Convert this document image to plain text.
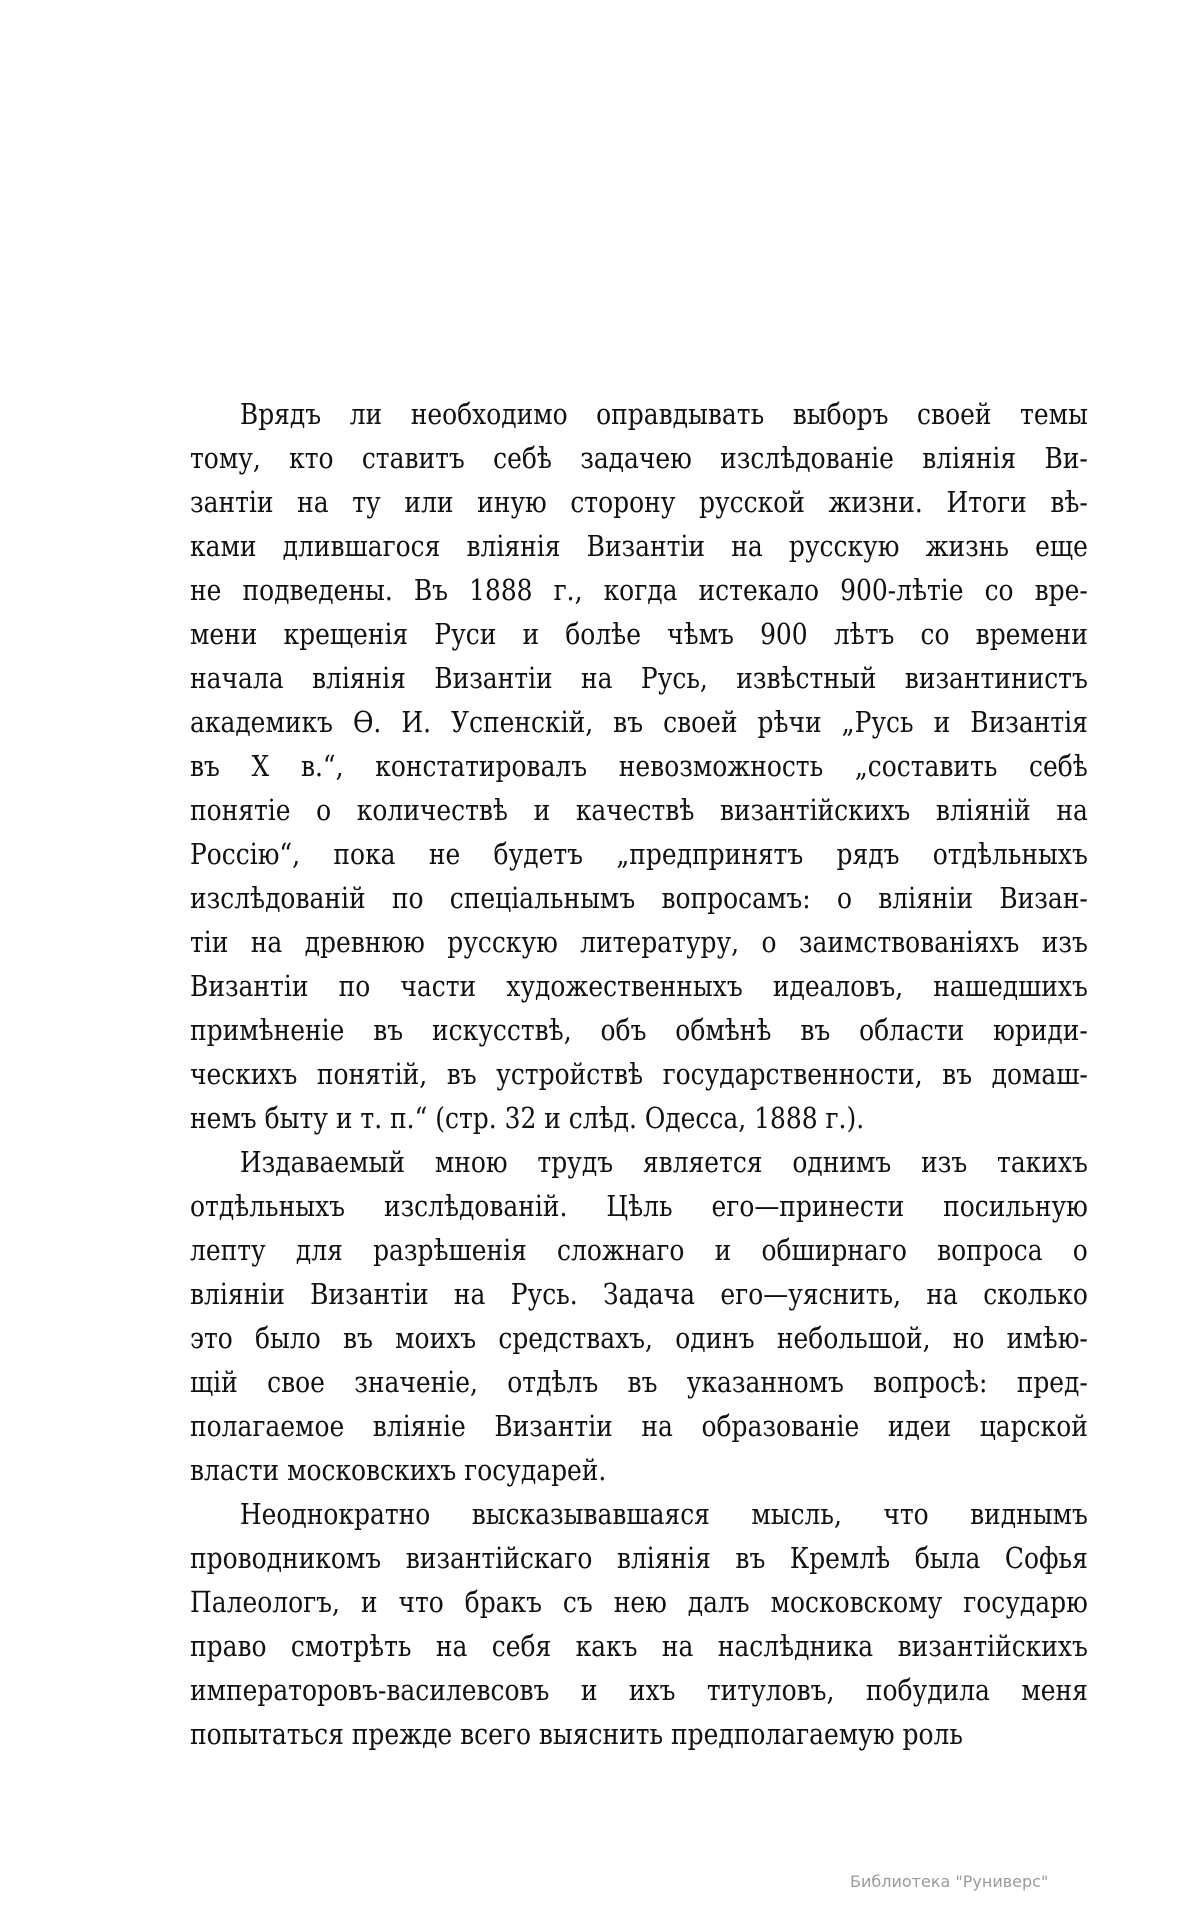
Врядъ ли необходимо оправдывать выборъ своей темы
тому, кто ставитъ себѣ задачею изслѣдованіе вліянія Ви-
зантіи на ту или иную сторону русской жизни. Итоги вѣ-
ками длившагося вліянія Византіи на русскую жизнь еще
не подведены. Въ 1888 г., когда истекало 900-лѣтіе со вре-
мени крещенія Руси и болѣе чѣмъ 900 лѣтъ со времени
начала вліянія Византіи на Русь, извѣстный византинистъ
академикъ Ѳ. И. Успенскій, въ своей рѣчи „Русь и Византія
въ X в.“, констатировалъ невозможность „составить себѣ
понятіе о количествѣ и качествѣ византійскихъ вліяній на
Россію“, пока не будетъ „предпринятъ рядъ отдѣльныхъ
изслѣдованій по спеціальнымъ вопросамъ: о вліяніи Визан-
тіи на древнюю русскую литературу, о заимствованіяхъ изъ
Византіи по части художественныхъ идеаловъ, нашедшихъ
примѣненіе въ искусствѣ, объ обмѣнѣ въ области юриди-
ческихъ понятій, въ устройствѣ государственности, въ домаш-
немъ быту и т. п.“ (стр. 32 и слѣд. Одесса, 1888 г.).
Издаваемый мною трудъ является однимъ изъ такихъ
отдѣльныхъ изслѣдованій. Цѣль его—принести посильную
лепту для разрѣшенія сложнаго и обширнаго вопроса о
вліяніи Византіи на Русь. Задача его—уяснить, на сколько
это было въ моихъ средствахъ, одинъ небольшой, но имѣю-
щій свое значеніе, отдѣлъ въ указанномъ вопросѣ: пред-
полагаемое вліяніе Византіи на образованіе идеи царской
власти московскихъ государей.
Неоднократно высказывавшаяся мысль, что виднымъ
проводникомъ византійскаго вліянія въ Кремлѣ была Софья
Палеологъ, и что бракъ съ нею далъ московскому государю
право смотрѣть на себя какъ на наслѣдника византійскихъ
императоровъ-василевсовъ и ихъ титуловъ, побудила меня
попытаться прежде всего выяснить предполагаемую роль
Библиотека "Руниверс"
